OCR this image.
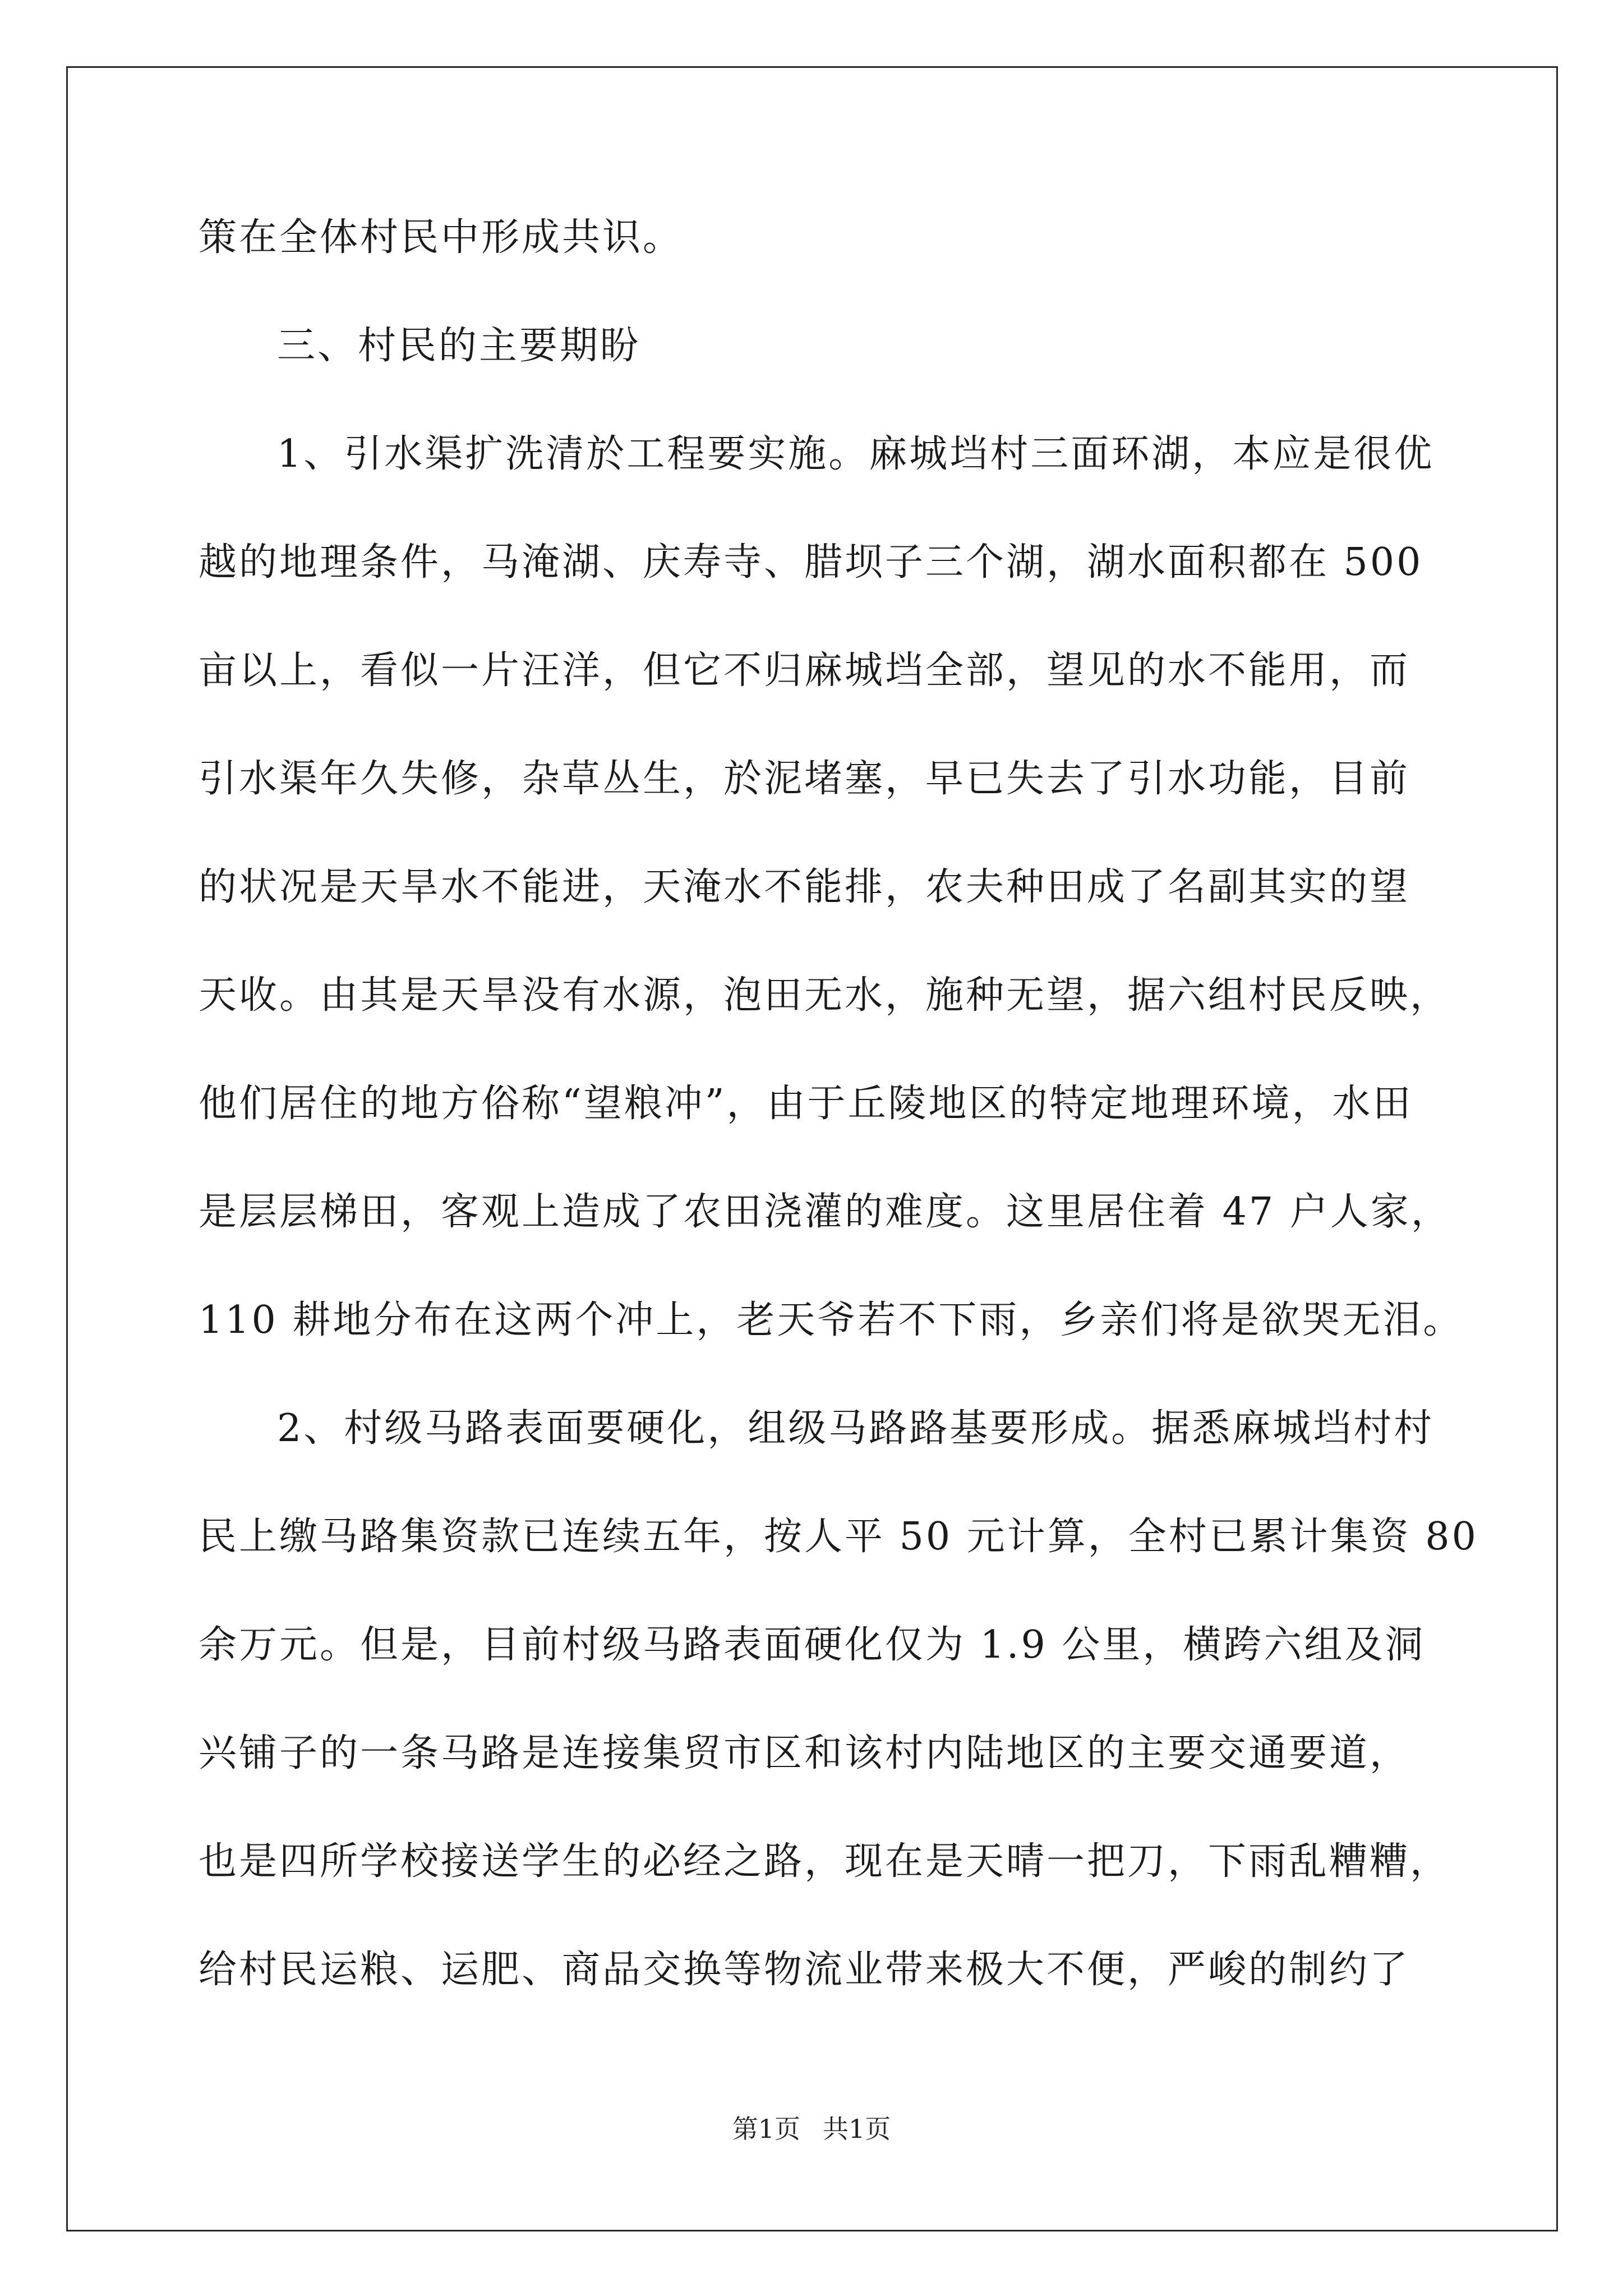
策在全体村民中形成共识。
三、村民的主要期盼
1、引水渠扩洗清於工程要实施。麻城垱村三面环湖，本应是很优
越的地理条件，马淹湖、庆寿寺、腊坝子三个湖，湖水面积都在 500
亩以上，看似一片汪洋，但它不归麻城垱全部，望见的水不能用，而
引水渠年久失修，杂草丛生，於泥堵塞，早已失去了引水功能，目前
的状况是天旱水不能进，天淹水不能排，农夫种田成了名副其实的望
天收。由其是天旱没有水源，泡田无水，施种无望，据六组村民反映，
他们居住的地方俗称“望粮冲”，由于丘陵地区的特定地理环境，水田
是层层梯田，客观上造成了农田浇灌的难度。这里居住着 47 户人家，
110 耕地分布在这两个冲上，老天爷若不下雨，乡亲们将是欲哭无泪。
2、村级马路表面要硬化，组级马路路基要形成。据悉麻城垱村村
民上缴马路集资款已连续五年，按人平 50 元计算，全村已累计集资 80
余万元。但是，目前村级马路表面硬化仅为 1.9 公里，横跨六组及洞
兴铺子的一条马路是连接集贸市区和该村内陆地区的主要交通要道，
也是四所学校接送学生的必经之路，现在是天晴一把刀，下雨乱糟糟，
给村民运粮、运肥、商品交换等物流业带来极大不便，严峻的制约了
第1页 共1页
